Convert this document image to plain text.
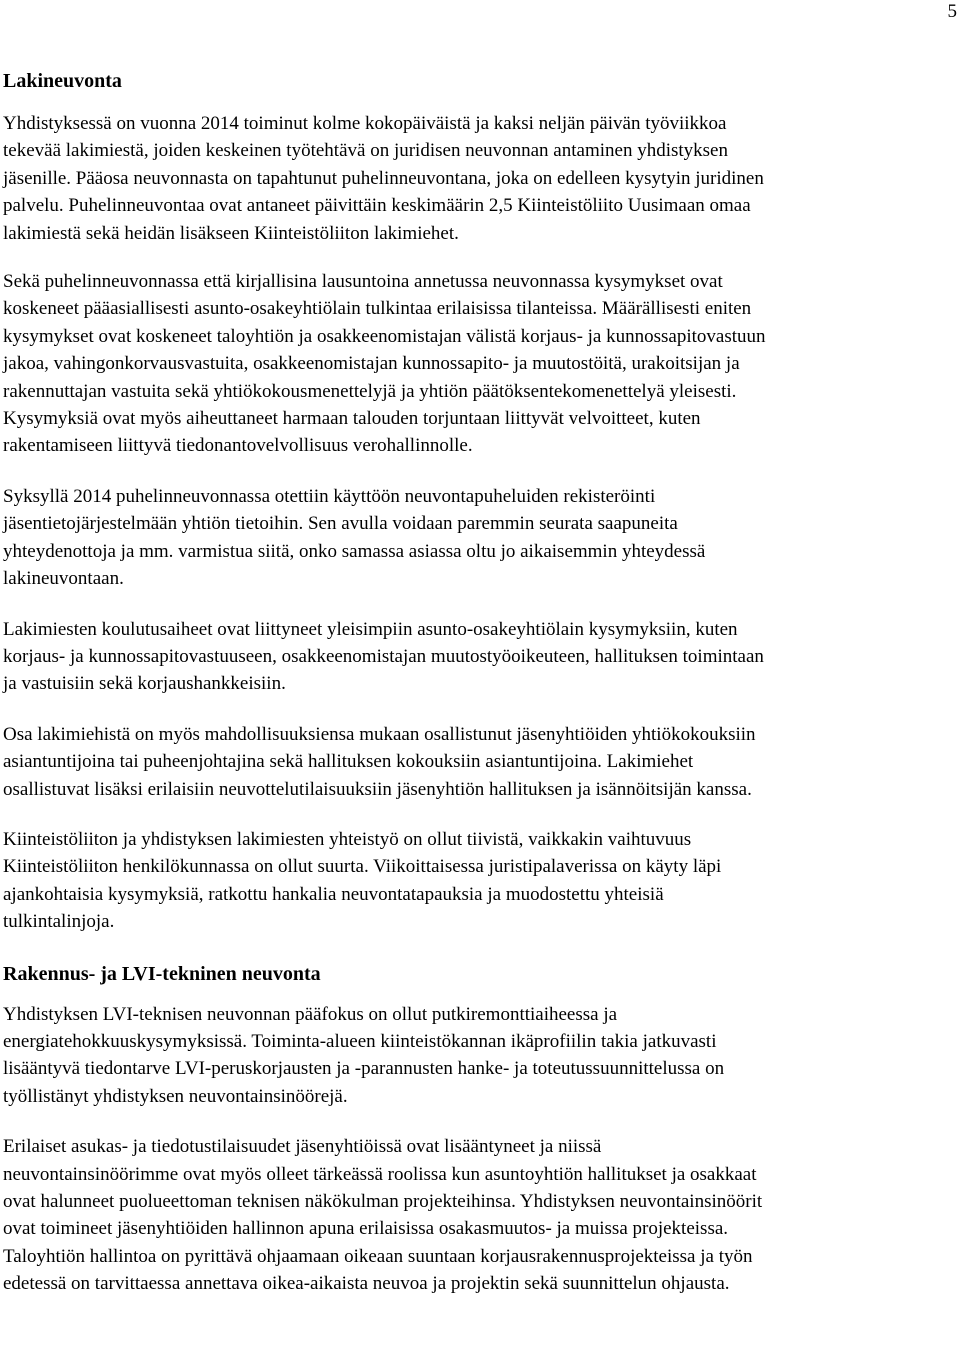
5

Lakineuvonta

Yhdistyksessä on vuonna 2014 toiminut kolme kokopäiväistä ja kaksi neljän päivän työviikkoa
tekevää lakimiestä, joiden keskeinen työtehtävä on juridisen neuvonnan antaminen yhdistyksen
jäsenille. Pääosa neuvonnasta on tapahtunut puhelinneuvontana, joka on edelleen kysytyin juridinen
palvelu. Puhelinneuvontaa ovat antaneet päivittäin keskimäärin 2,5 Kiinteistöliito Uusimaan omaa
lakimiestä sekä heidän lisäkseen Kiinteistöliiton lakimiehet.

Sekä puhelinneuvonnassa että kirjallisina lausuntoina annetussa neuvonnassa kysymykset ovat
koskeneet pääasiallisesti asunto-osakeyhtiölain tulkintaa erilaisissa tilanteissa. Määrällisesti eniten
kysymykset ovat koskeneet taloyhtiön ja osakkeenomistajan välistä korjaus- ja kunnossapitovastuun
jakoa, vahingonkorvausvastuita, osakkeenomistajan kunnossapito- ja muutostöitä, urakoitsijan ja
rakennuttajan vastuita sekä yhtiökokousmenettelyjä ja yhtiön päätöksentekomenettelyä yleisesti.
Kysymyksiä ovat myös aiheuttaneet harmaan talouden torjuntaan liittyvät velvoitteet, kuten
rakentamiseen liittyvä tiedonantovelvollisuus verohallinnolle.

Syksyllä 2014 puhelinneuvonnassa otettiin käyttöön neuvontapuheluiden rekisteröinti
jäsentietojärjestelmään yhtiön tietoihin. Sen avulla voidaan paremmin seurata saapuneita
yhteydenottoja ja mm. varmistua siitä, onko samassa asiassa oltu jo aikaisemmin yhteydessä
lakineuvontaan.

Lakimiesten koulutusaiheet ovat liittyneet yleisimpiin asunto-osakeyhtiölain kysymyksiin, kuten
korjaus- ja kunnossapitovastuuseen, osakkeenomistajan muutostyöoikeuteen, hallituksen toimintaan
ja vastuisiin sekä korjaushankkeisiin.

Osa lakimiehistä on myös mahdollisuuksiensa mukaan osallistunut jäsenyhtiöiden yhtiökokouksiin
asiantuntijoina tai puheenjohtajina sekä hallituksen kokouksiin asiantuntijoina. Lakimiehet
osallistuvat lisäksi erilaisiin neuvottelutilaisuuksiin jäsenyhtiön hallituksen ja isännöitsijän kanssa.

Kiinteistöliiton ja yhdistyksen lakimiesten yhteistyö on ollut tiivistä, vaikkakin vaihtuvuus
Kiinteistöliiton henkilökunnassa on ollut suurta. Viikoittaisessa juristipalaverissa on käyty läpi
ajankohtaisia kysymyksiä, ratkottu hankalia neuvontatapauksia ja muodostettu yhteisiä
tulkintalinjoja.

Rakennus- ja LVI-tekninen neuvonta

Yhdistyksen LVI-teknisen neuvonnan pääfokus on ollut putkiremonttiaiheessa ja
energiatehokkuuskysymyksissä. Toiminta-alueen kiinteistökannan ikäprofiilin takia jatkuvasti
lisääntyvä tiedontarve LVI-peruskorjausten ja -parannusten hanke- ja toteutussuunnittelussa on
työllistänyt yhdistyksen neuvontainsinöörejä.

Erilaiset asukas- ja tiedotustilaisuudet jäsenyhtiöissä ovat lisääntyneet ja niissä
neuvontainsinöörimme ovat myös olleet tärkeässä roolissa kun asuntoyhtiön hallitukset ja osakkaat
ovat halunneet puolueettoman teknisen näkökulman projekteihinsa. Yhdistyksen neuvontainsinöörit
ovat toimineet jäsenyhtiöiden hallinnon apuna erilaisissa osakasmuutos- ja muissa projekteissa.
Taloyhtiön hallintoa on pyrittävä ohjaamaan oikeaan suuntaan korjausrakennusprojekteissa ja työn
edetessä on tarvittaessa annettava oikea-aikaista neuvoa ja projektin sekä suunnittelun ohjausta.
